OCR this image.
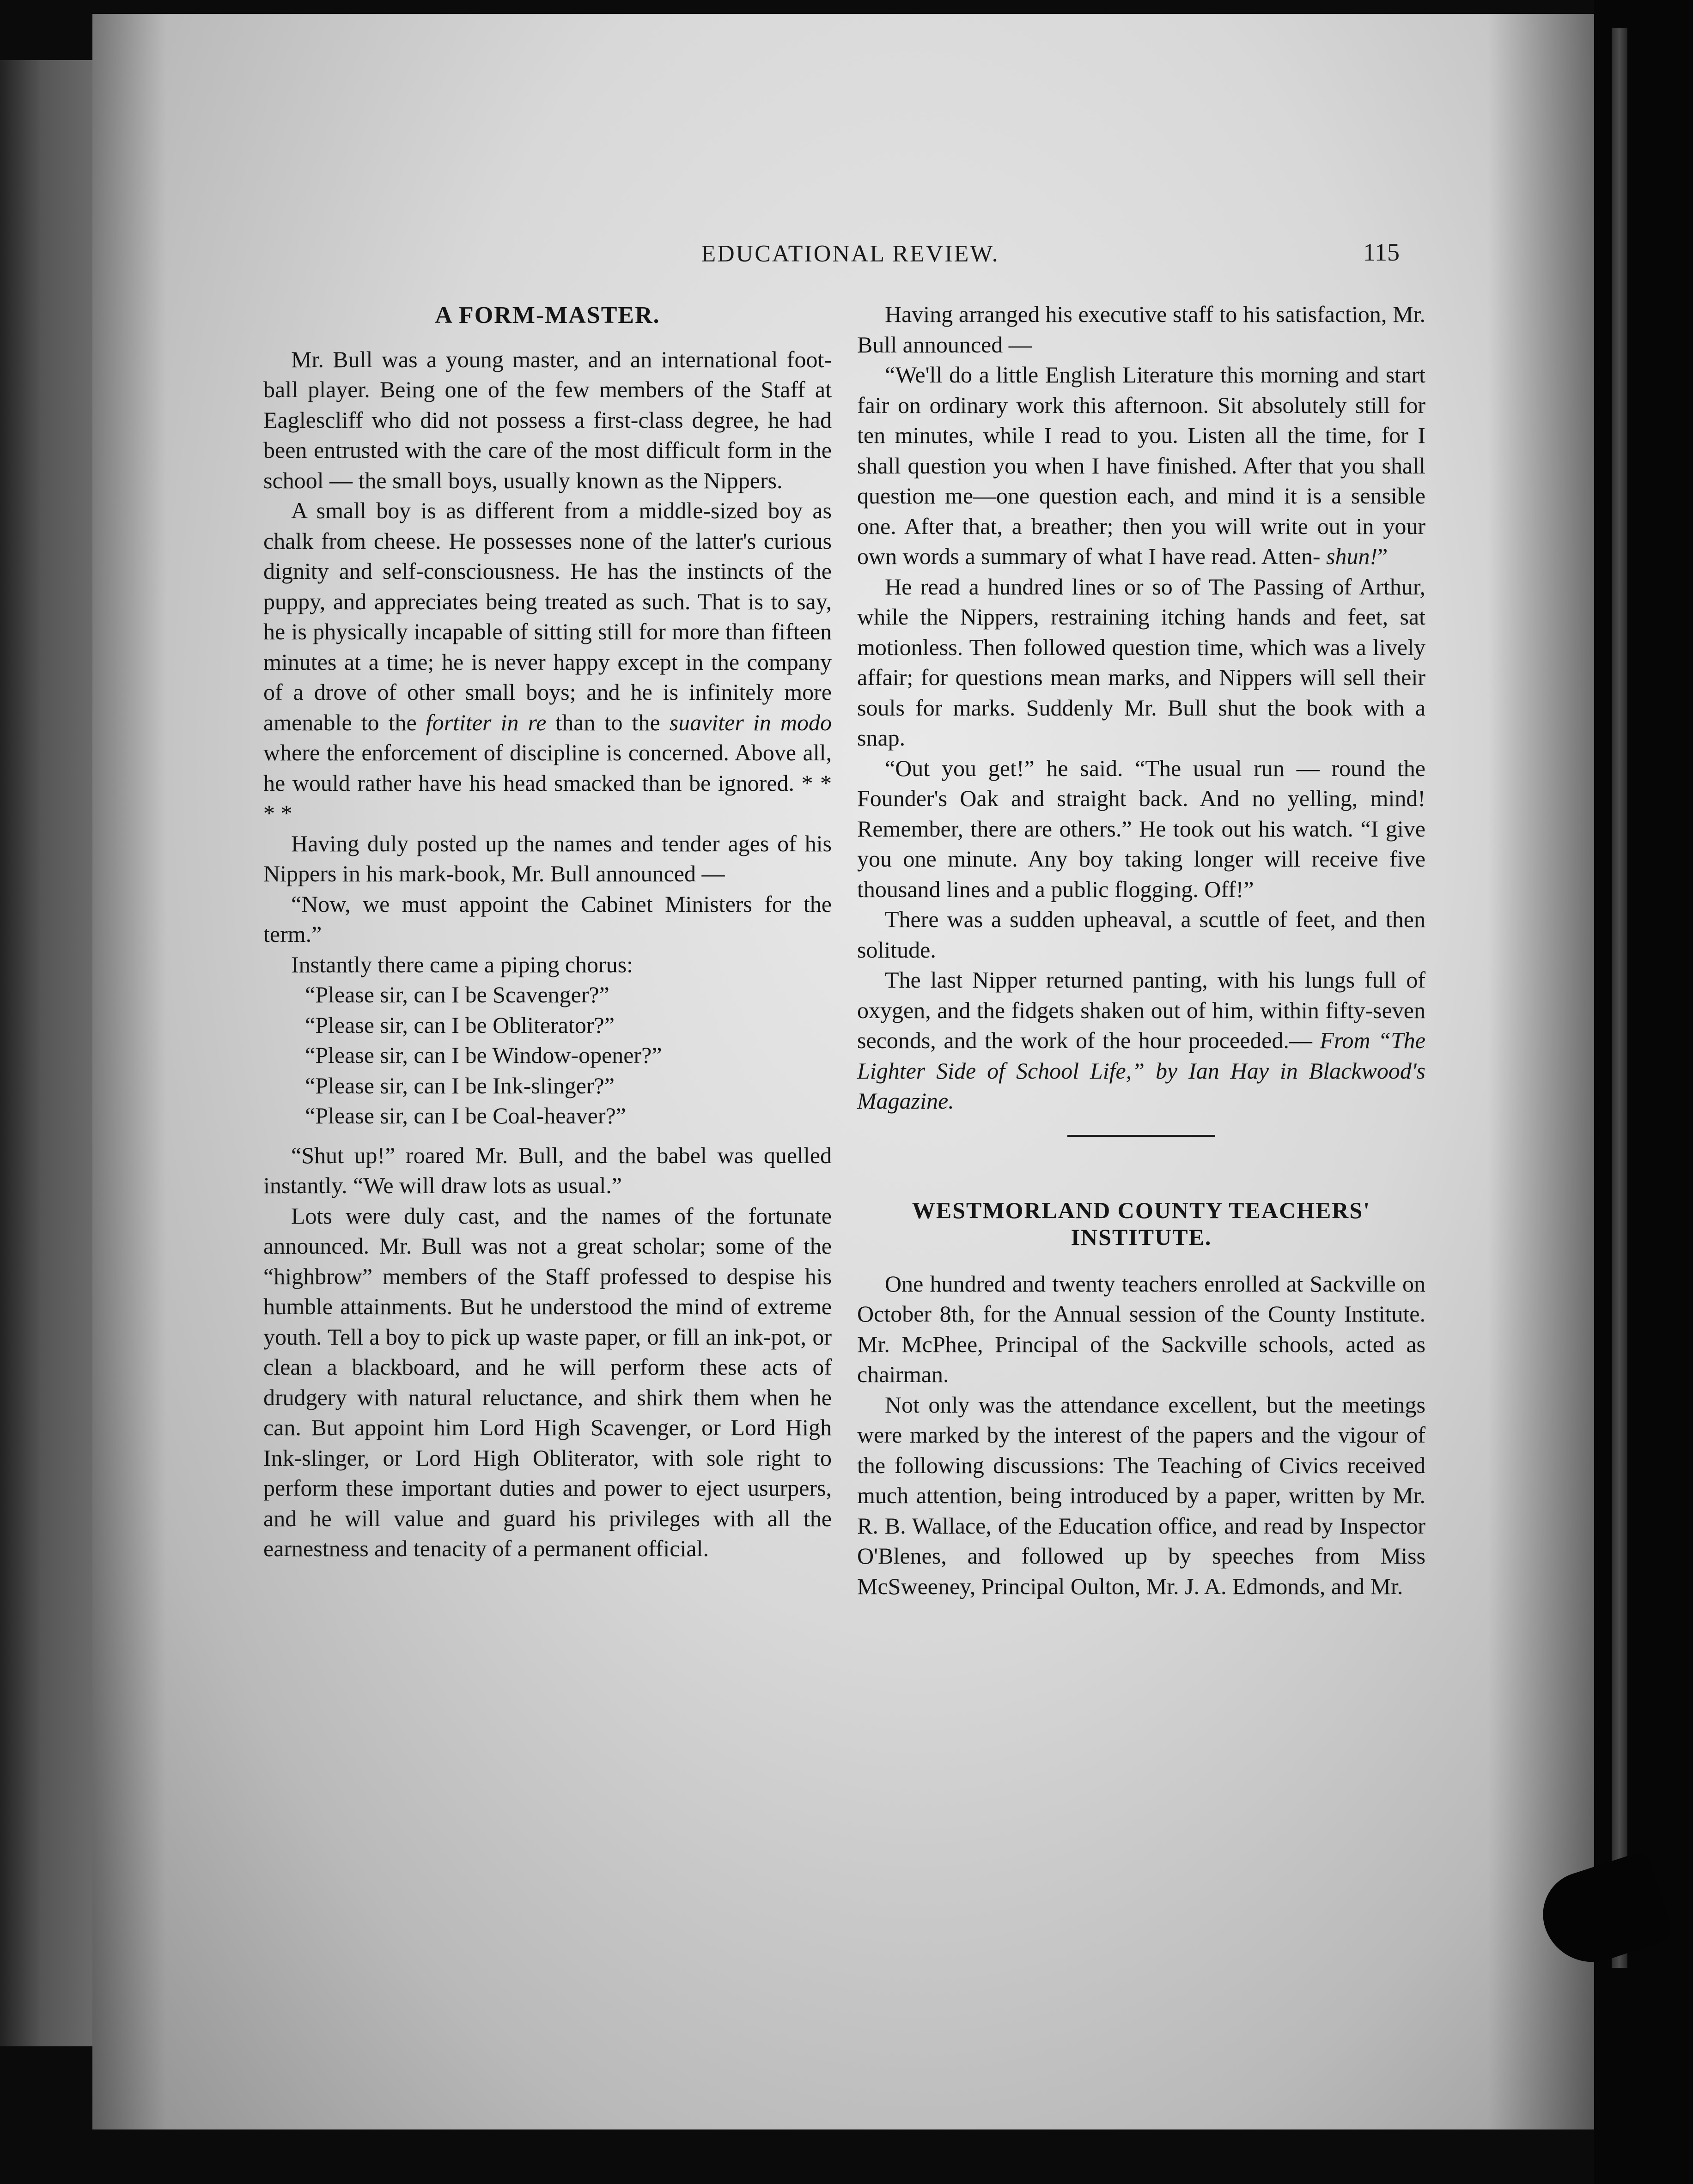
EDUCATIONAL REVIEW.	115
A FORM-MASTER.

Mr. Bull was a young master, and an international foot-ball player. Being one of the few members of the Staff at Eaglescliff who did not possess a first-class degree, he had been entrusted with the care of the most difficult form in the school — the small boys, usually known as the Nippers.

A small boy is as different from a middle-sized boy as chalk from cheese. He possesses none of the latter's curious dignity and self-consciousness. He has the instincts of the puppy, and appreciates being treated as such. That is to say, he is physically incapable of sitting still for more than fifteen minutes at a time; he is never happy except in the company of a drove of other small boys; and he is infinitely more amenable to the fortiter in re than to the suaviter in modo where the enforcement of discipline is concerned. Above all, he would rather have his head smacked than be ignored. * * * *

Having duly posted up the names and tender ages of his Nippers in his mark-book, Mr. Bull announced —

“Now, we must appoint the Cabinet Ministers for the term.”

Instantly there came a piping chorus:

“Please sir, can I be Scavenger?”

“Please sir, can I be Obliterator?”

“Please sir, can I be Window-opener?”

“Please sir, can I be Ink-slinger?”

“Please sir, can I be Coal-heaver?”

“Shut up!” roared Mr. Bull, and the babel was quelled instantly. “We will draw lots as usual.”

Lots were duly cast, and the names of the fortunate announced. Mr. Bull was not a great scholar; some of the “highbrow” members of the Staff professed to despise his humble attainments. But he understood the mind of extreme youth. Tell a boy to pick up waste paper, or fill an ink-pot, or clean a blackboard, and he will perform these acts of drudgery with natural reluctance, and shirk them when he can. But appoint him Lord High Scavenger, or Lord High Ink-slinger, or Lord High Obliterator, with sole right to perform these important duties and power to eject usurpers, and he will value and guard his privileges with all the earnestness and tenacity of a permanent official.

Having arranged his executive staff to his satisfaction, Mr. Bull announced —

“We'll do a little English Literature this morning and start fair on ordinary work this afternoon. Sit absolutely still for ten minutes, while I read to you. Listen all the time, for I shall question you when I have finished. After that you shall question me—one question each, and mind it is a sensible one. After that, a breather; then you will write out in your own words a summary of what I have read. Atten- shun!”

He read a hundred lines or so of The Passing of Arthur, while the Nippers, restraining itching hands and feet, sat motionless. Then followed question time, which was a lively affair; for questions mean marks, and Nippers will sell their souls for marks. Suddenly Mr. Bull shut the book with a snap.

“Out you get!” he said. “The usual run — round the Founder's Oak and straight back. And no yelling, mind! Remember, there are others.” He took out his watch. “I give you one minute. Any boy taking longer will receive five thousand lines and a public flogging. Off!”

There was a sudden upheaval, a scuttle of feet, and then solitude.

The last Nipper returned panting, with his lungs full of oxygen, and the fidgets shaken out of him, within fifty-seven seconds, and the work of the hour proceeded.— From “The Lighter Side of School Life,” by Ian Hay in Blackwood's Magazine.

WESTMORLAND COUNTY TEACHERS'
INSTITUTE.

One hundred and twenty teachers enrolled at Sackville on October 8th, for the Annual session of the County Institute. Mr. McPhee, Principal of the Sackville schools, acted as chairman.

Not only was the attendance excellent, but the meetings were marked by the interest of the papers and the vigour of the following discussions: The Teaching of Civics received much attention, being introduced by a paper, written by Mr. R. B. Wallace, of the Education office, and read by Inspector O'Blenes, and followed up by speeches from Miss McSweeney, Principal Oulton, Mr. J. A. Edmonds, and Mr.
